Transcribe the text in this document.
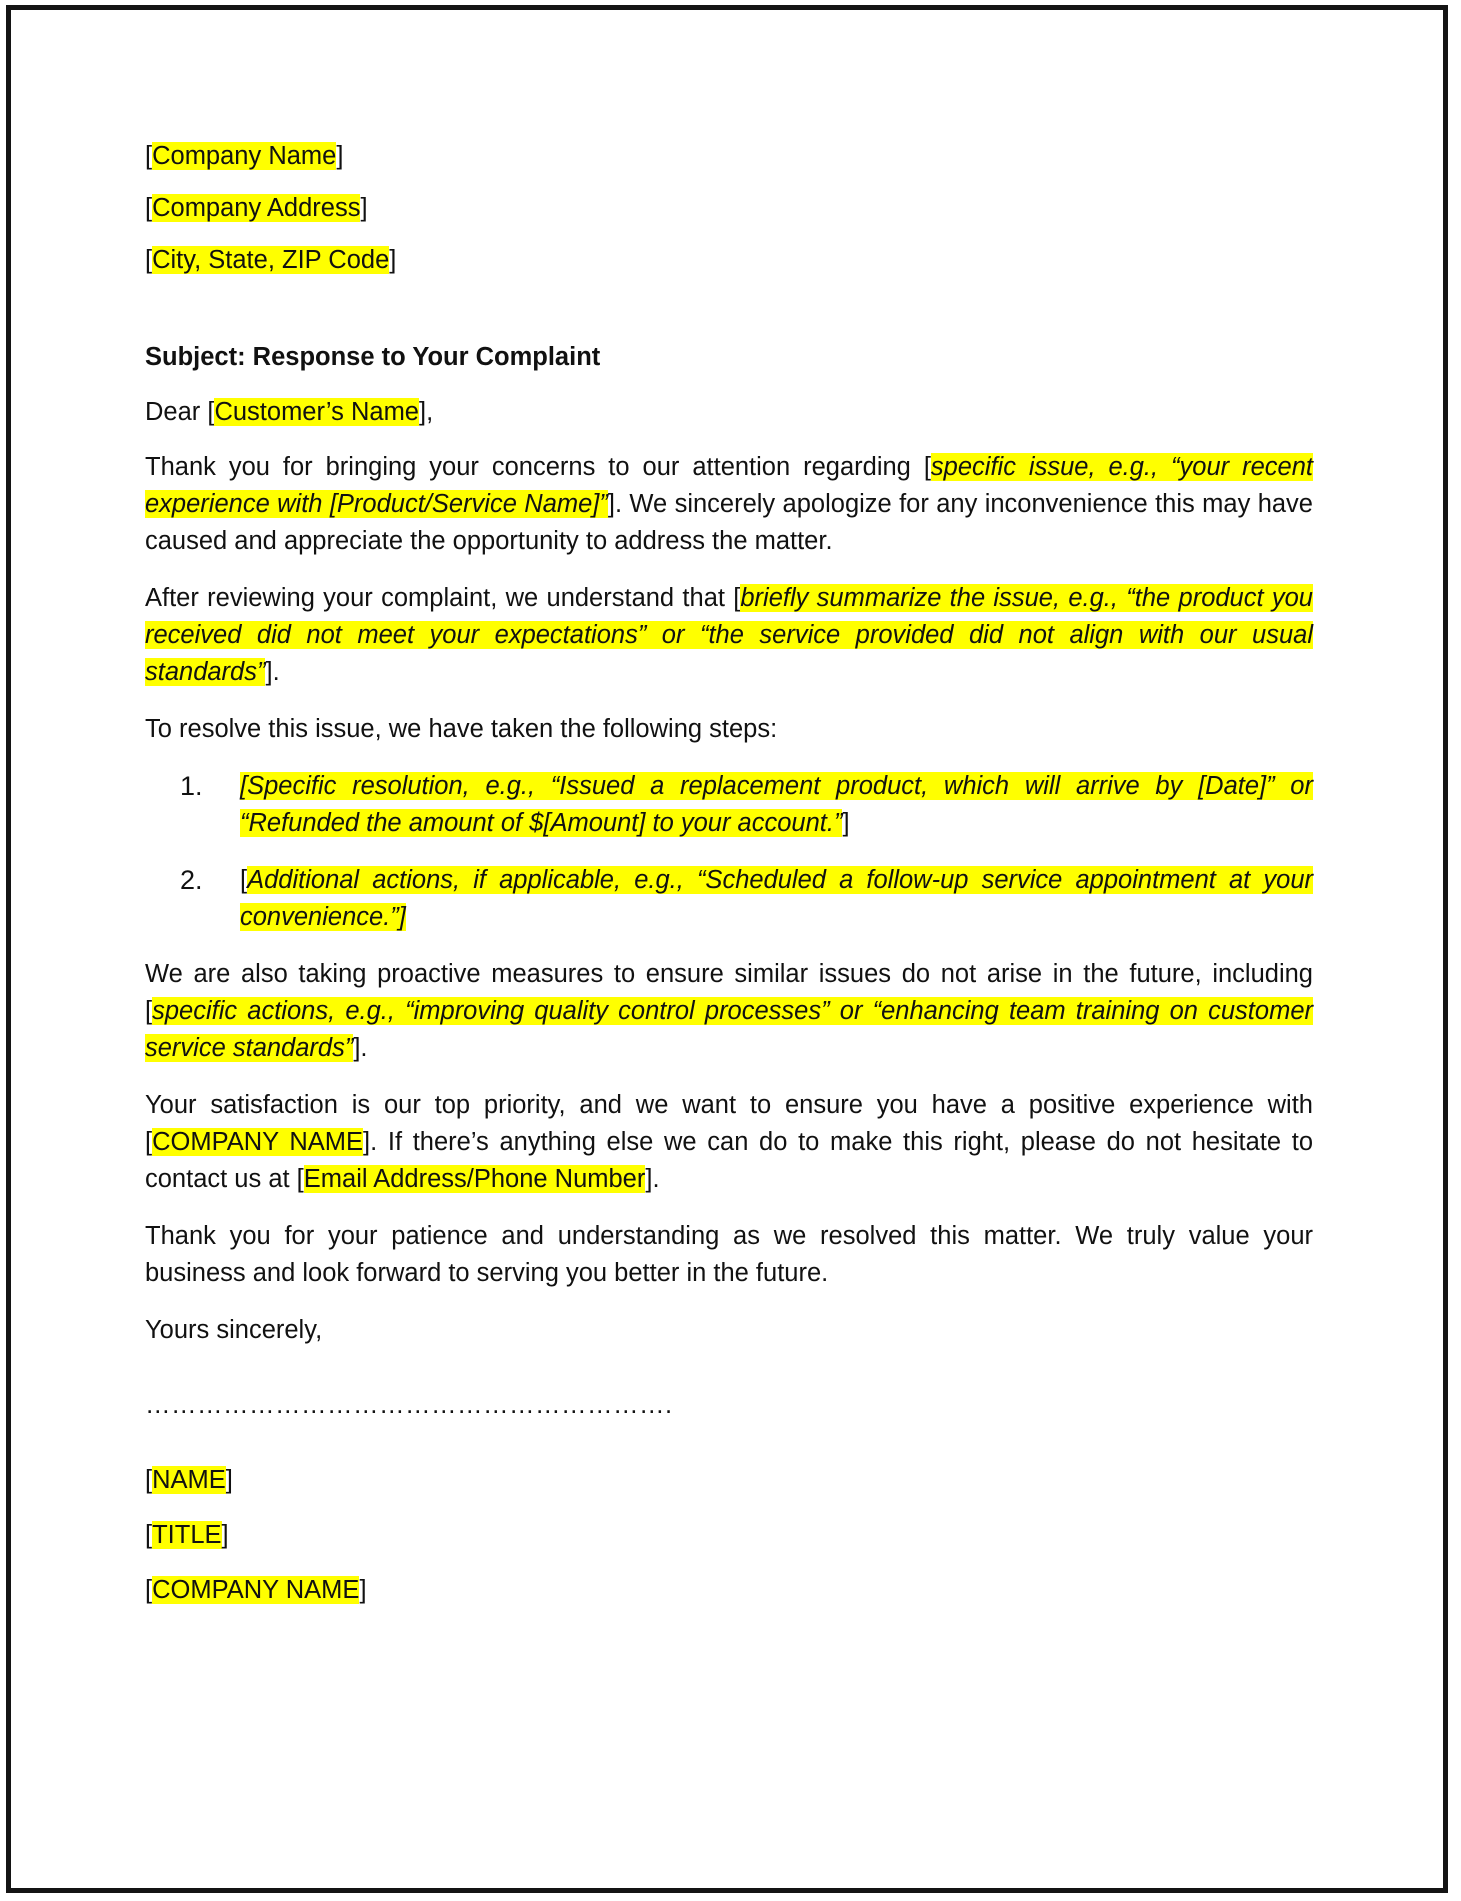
[Company Name]

[Company Address]

[City, State, ZIP Code]

Subject: Response to Your Complaint

Dear [Customer’s Name],

Thank you for bringing your concerns to our attention regarding [specific issue, e.g., “your recent experience with [Product/Service Name]”]. We sincerely apologize for any inconvenience this may have caused and appreciate the opportunity to address the matter.

After reviewing your complaint, we understand that [briefly summarize the issue, e.g., “the product you received did not meet your expectations” or “the service provided did not align with our usual standards”].

To resolve this issue, we have taken the following steps:

1.	[Specific resolution, e.g., “Issued a replacement product, which will arrive by [Date]” or “Refunded the amount of $[Amount] to your account.”]
2.	[Additional actions, if applicable, e.g., “Scheduled a follow-up service appointment at your convenience.”]

We are also taking proactive measures to ensure similar issues do not arise in the future, including [specific actions, e.g., “improving quality control processes” or “enhancing team training on customer service standards”].

Your satisfaction is our top priority, and we want to ensure you have a positive experience with [COMPANY NAME]. If there’s anything else we can do to make this right, please do not hesitate to contact us at [Email Address/Phone Number].

Thank you for your patience and understanding as we resolved this matter. We truly value your business and look forward to serving you better in the future.

Yours sincerely,

…………………………………………………….

[NAME]

[TITLE]

[COMPANY NAME]
